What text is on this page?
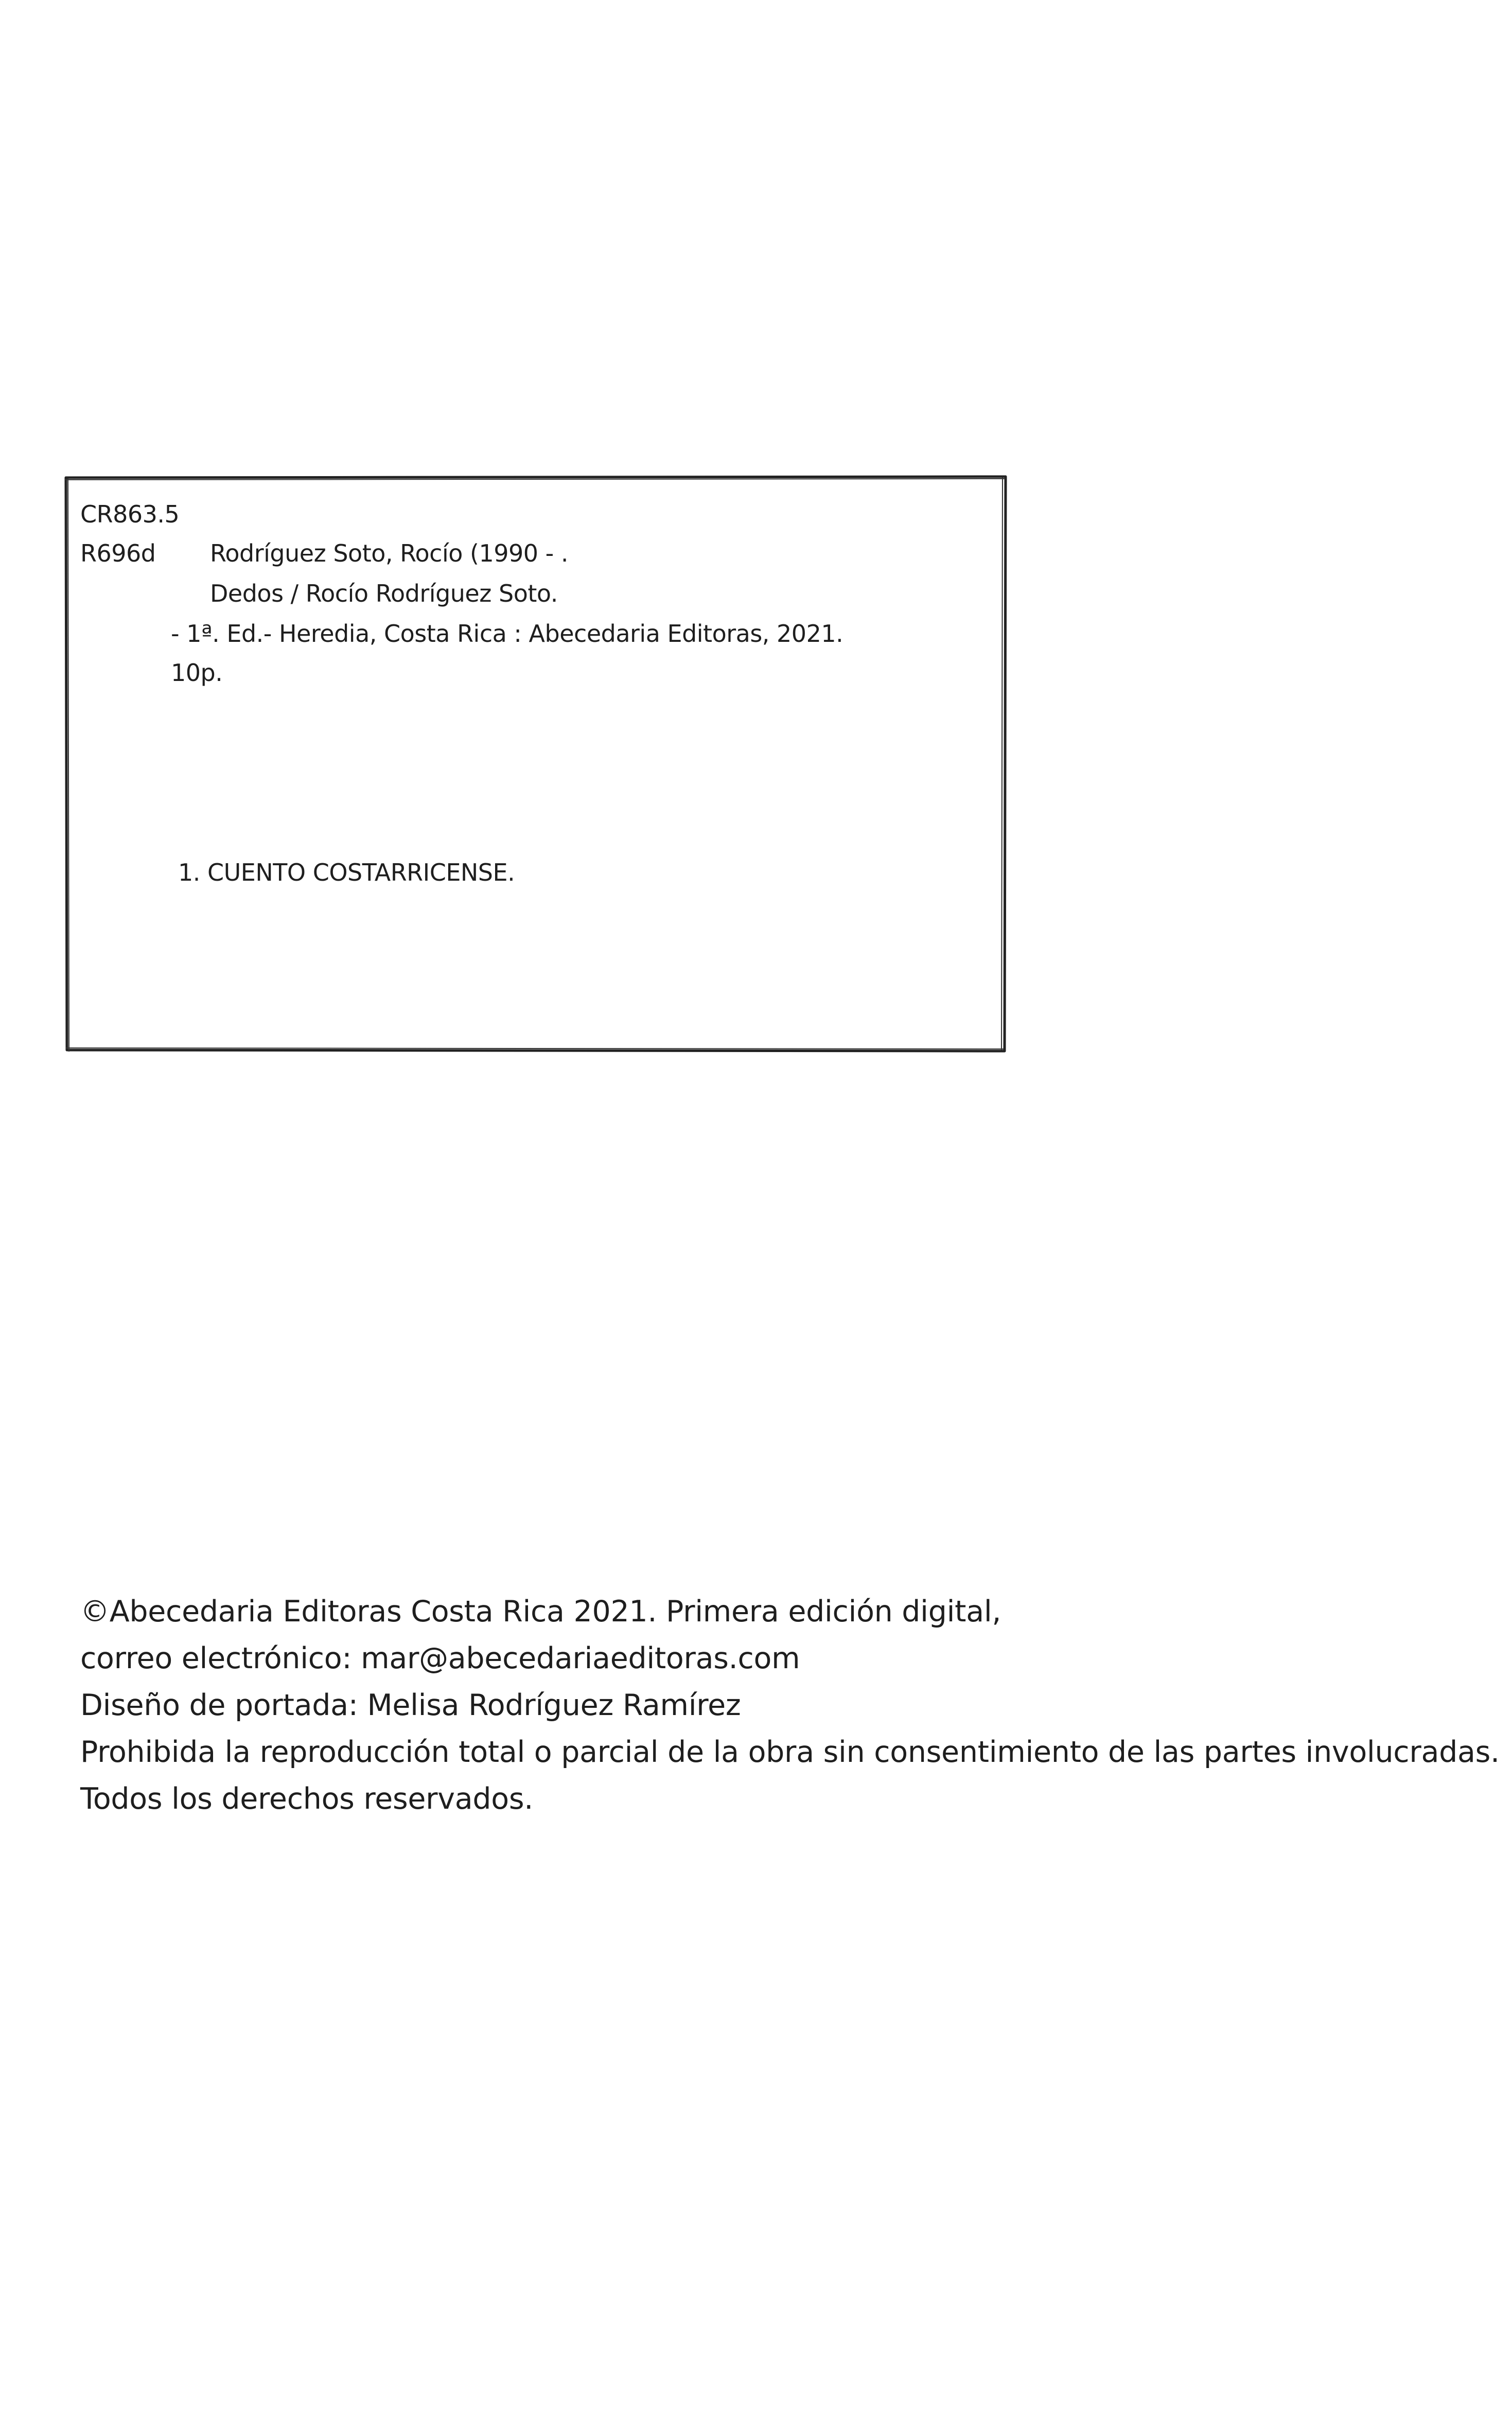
CR863.5
R696d Rodríguez Soto, Rocío (1990 - .
Dedos / Rocío Rodríguez Soto.
- 1ª. Ed.- Heredia, Costa Rica : Abecedaria Editoras, 2021.
10p.
1. CUENTO COSTARRICENSE.
©Abecedaria Editoras Costa Rica 2021. Primera edición digital,
correo electrónico: mar@abecedariaeditoras.com
Diseño de portada: Melisa Rodríguez Ramírez
Prohibida la reproducción total o parcial de la obra sin consentimiento de las partes involucradas.
Todos los derechos reservados.
